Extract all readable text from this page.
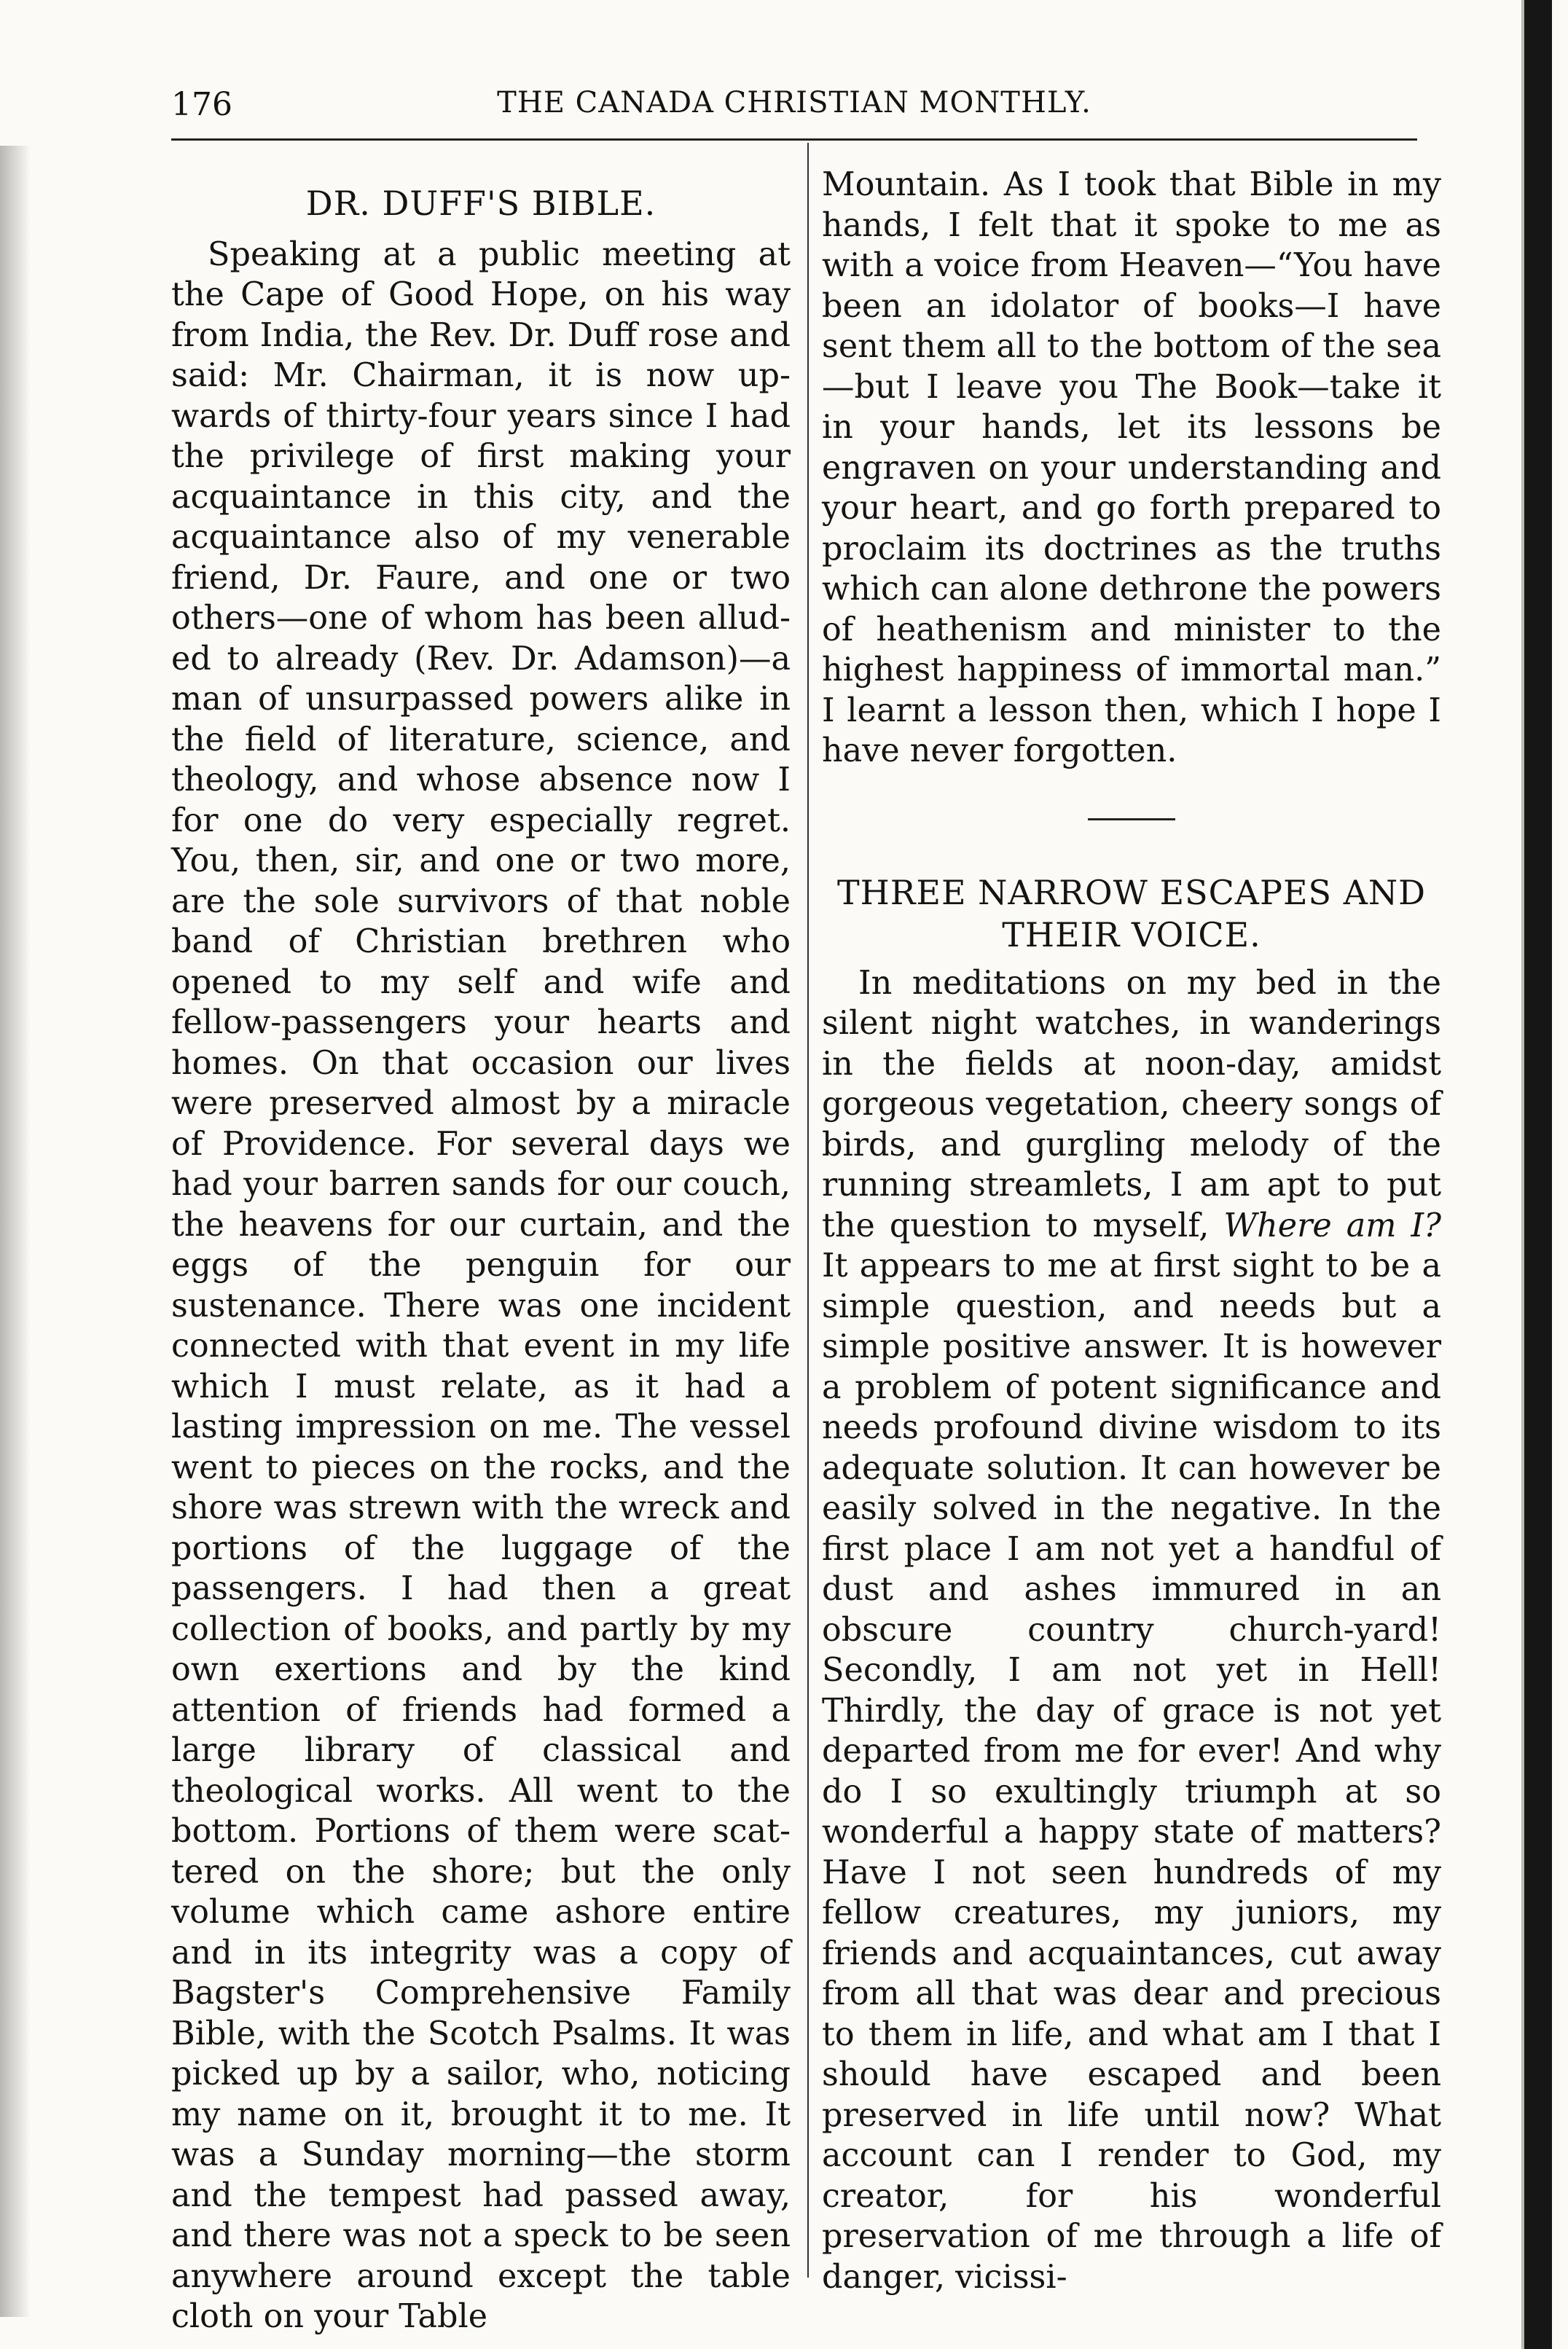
176	THE CANADA CHRISTIAN MONTHLY.
DR. DUFF'S BIBLE.

Speaking at a public meeting at the Cape of Good Hope, on his way from India, the Rev. Dr. Duff rose and said: Mr. Chairman, it is now upwards of thirty-four years since I had the privilege of first making your acquaintance in this city, and the acquaintance also of my venerable friend, Dr. Faure, and one or two others—one of whom has been alluded to already (Rev. Dr. Adamson)—a man of unsurpassed powers alike in the field of literature, science, and theology, and whose absence now I for one do very especially regret. You, then, sir, and one or two more, are the sole survivors of that noble band of Christian brethren who opened to my self and wife and fellow-passengers your hearts and homes. On that occasion our lives were preserved almost by a miracle of Providence. For several days we had your barren sands for our couch, the heavens for our curtain, and the eggs of the penguin for our sustenance. There was one incident connected with that event in my life which I must relate, as it had a lasting impression on me. The vessel went to pieces on the rocks, and the shore was strewn with the wreck and portions of the luggage of the passengers. I had then a great collection of books, and partly by my own exertions and by the kind attention of friends had formed a large library of classical and theological works. All went to the bottom. Portions of them were scattered on the shore; but the only volume which came ashore entire and in its integrity was a copy of Bagster's Comprehensive Family Bible, with the Scotch Psalms. It was picked up by a sailor, who, noticing my name on it, brought it to me. It was a Sunday morning—the storm and the tempest had passed away, and there was not a speck to be seen anywhere around except the table cloth on your Table

Mountain. As I took that Bible in my hands, I felt that it spoke to me as with a voice from Heaven—“You have been an idolator of books—I have sent them all to the bottom of the sea—but I leave you The Book—take it in your hands, let its lessons be engraven on your understanding and your heart, and go forth prepared to proclaim its doctrines as the truths which can alone dethrone the powers of heathenism and minister to the highest happiness of immortal man.” I learnt a lesson then, which I hope I have never forgotten.

THREE NARROW ESCAPES AND
THEIR VOICE.

In meditations on my bed in the silent night watches, in wanderings in the fields at noon-day, amidst gorgeous vegetation, cheery songs of birds, and gurgling melody of the running streamlets, I am apt to put the question to myself, Where am I? It appears to me at first sight to be a simple question, and needs but a simple positive answer. It is however a problem of potent significance and needs profound divine wisdom to its adequate solution. It can however be easily solved in the negative. In the first place I am not yet a handful of dust and ashes immured in an obscure country church-yard! Secondly, I am not yet in Hell! Thirdly, the day of grace is not yet departed from me for ever! And why do I so exultingly triumph at so wonderful a happy state of matters? Have I not seen hundreds of my fellow creatures, my juniors, my friends and acquaintances, cut away from all that was dear and precious to them in life, and what am I that I should have escaped and been preserved in life until now? What account can I render to God, my creator, for his wonderful preservation of me through a life of danger, vicissi-
